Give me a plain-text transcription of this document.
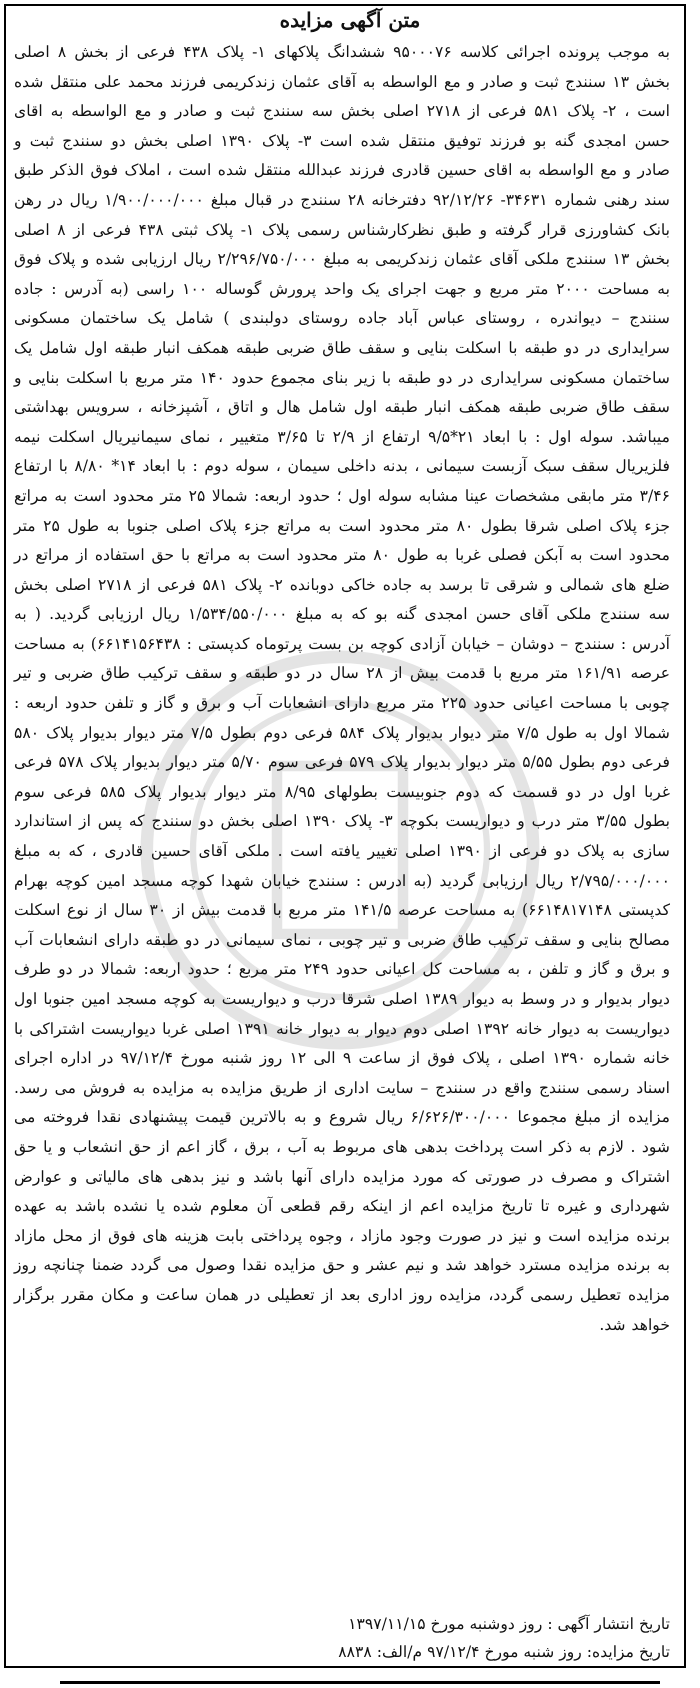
متن آگهی مزایده
به موجب پرونده اجرائی کلاسه ۹۵۰۰۰۷۶ ششدانگ پلاکهای ۱- پلاک ۴۳۸ فرعی از بخش ۸ اصلی بخش ۱۳ سنندج ثبت و صادر و مع الواسطه به آقای عثمان زندکریمی فرزند محمد علی منتقل شده است ، ۲- پلاک ۵۸۱ فرعی از ۲۷۱۸ اصلی بخش سه سنندج ثبت و صادر و مع الواسطه به اقای حسن امجدی گنه بو فرزند توفیق منتقل شده است ۳- پلاک ۱۳۹۰ اصلی بخش دو سنندج ثبت و صادر و مع الواسطه به اقای حسین قادری فرزند عبدالله منتقل شده است ، املاک فوق الذکر طبق سند رهنی شماره ۳۴۶۳۱- ۹۲/۱۲/۲۶ دفترخانه ۲۸ سنندج در قبال مبلغ ۱/۹۰۰/۰۰۰/۰۰۰ ریال در رهن بانک کشاورزی قرار گرفته و طبق نظرکارشناس رسمی پلاک ۱- پلاک ثبتی ۴۳۸ فرعی از ۸ اصلی بخش ۱۳ سنندج ملکی آقای عثمان زندکریمی به مبلغ ۲/۲۹۶/۷۵۰/۰۰۰ ریال ارزیابی شده و پلاک فوق به مساحت ۲۰۰۰ متر مربع و جهت اجرای یک واحد پرورش گوساله ۱۰۰ راسی (به آدرس : جاده سنندج – دیواندره ، روستای عباس آباد جاده روستای دولبندی ) شامل یک ساختمان مسکونی سرایداری در دو طبقه با اسکلت بنایی و سقف طاق ضربی طبقه همکف انبار طبقه اول شامل یک ساختمان مسکونی سرایداری در دو طبقه با زیر بنای مجموع حدود ۱۴۰ متر مربع با اسکلت بنایی و سقف طاق ضربی طبقه همکف انبار طبقه اول شامل هال و اتاق ، آشپزخانه ، سرویس بهداشتی میباشد. سوله اول : با ابعاد ۲۱*۹/۵ ارتفاع از ۲/۹ تا ۳/۶۵ متغییر ، نمای سیمانیریال اسکلت نیمه فلزیریال سقف سبک آزبست سیمانی ، بدنه داخلی سیمان ، سوله دوم : با ابعاد ۱۴* ۸/۸۰ با ارتفاع ۳/۴۶ متر مابقی مشخصات عینا مشابه سوله اول ؛ حدود اربعه: شمالا ۲۵ متر محدود است به مراتع جزء پلاک اصلی شرقا بطول ۸۰ متر محدود است به مراتع جزء پلاک اصلی جنوبا به طول ۲۵ متر محدود است به آبکن فصلی غربا به طول ۸۰ متر محدود است به مراتع با حق استفاده از مراتع در ضلع های شمالی و شرقی تا برسد به جاده خاکی دوبانده ۲- پلاک ۵۸۱ فرعی از ۲۷۱۸ اصلی بخش سه سنندج ملکی آقای حسن امجدی گنه بو که به مبلغ ۱/۵۳۴/۵۵۰/۰۰۰ ریال ارزیابی گردید. ( به آدرس : سنندج – دوشان – خیابان آزادی کوچه بن بست پرتوماه کدپستی : ۶۶۱۴۱۵۶۴۳۸) به مساحت عرصه ۱۶۱/۹۱ متر مربع با قدمت بیش از ۲۸ سال در دو طبقه و سقف ترکیب طاق ضربی و تیر چوبی با مساحت اعیانی حدود ۲۲۵ متر مربع دارای انشعابات آب و برق و گاز و تلفن حدود اربعه : شمالا اول به طول ۷/۵ متر دیوار بدیوار پلاک ۵۸۴ فرعی دوم بطول ۷/۵ متر دیوار بدیوار پلاک ۵۸۰ فرعی دوم بطول ۵/۵۵ متر دیوار بدیوار پلاک ۵۷۹ فرعی سوم ۵/۷۰ متر دیوار بدیوار پلاک ۵۷۸ فرعی غربا اول در دو قسمت که دوم جنوبیست بطولهای ۸/۹۵ متر دیوار بدیوار پلاک ۵۸۵ فرعی سوم بطول ۳/۵۵ متر درب و دیواریست بکوچه ۳- پلاک ۱۳۹۰ اصلی بخش دو سنندج که پس از استاندارد سازی به پلاک دو فرعی از ۱۳۹۰ اصلی تغییر یافته است . ملکی آقای حسین قادری ، که به مبلغ ۲/۷۹۵/۰۰۰/۰۰۰ ریال ارزیابی گردید (به ادرس : سنندج خیابان شهدا کوچه مسجد امین کوچه بهرام کدپستی ۶۶۱۴۸۱۷۱۴۸) به مساحت عرصه ۱۴۱/۵ متر مربع با قدمت بیش از ۳۰ سال از نوع اسکلت مصالح بنایی و سقف ترکیب طاق ضربی و تیر چوبی ، نمای سیمانی در دو طبقه دارای انشعابات آب و برق و گاز و تلفن ، به مساحت کل اعیانی حدود ۲۴۹ متر مربع ؛ حدود اربعه: شمالا در دو طرف دیوار بدیوار و در وسط به دیوار ۱۳۸۹ اصلی شرقا درب و دیواریست به کوچه مسجد امین جنوبا اول دیواریست به دیوار خانه ۱۳۹۲ اصلی دوم دیوار به دیوار خانه ۱۳۹۱ اصلی غربا دیواریست اشتراکی با خانه شماره ۱۳۹۰ اصلی ، پلاک فوق از ساعت ۹ الی ۱۲ روز شنبه مورخ ۹۷/۱۲/۴ در اداره اجرای اسناد رسمی سنندج واقع در سنندج – سایت اداری از طریق مزایده به مزایده به فروش می رسد. مزایده از مبلغ مجموعا ۶/۶۲۶/۳۰۰/۰۰۰ ریال شروع و به بالاترین قیمت پیشنهادی نقدا فروخته می شود . لازم به ذکر است پرداخت بدهی های مربوط به آب ، برق ، گاز اعم از حق انشعاب و یا حق اشتراک و مصرف در صورتی که مورد مزایده دارای آنها باشد و نیز بدهی های مالیاتی و عوارض شهرداری و غیره تا تاریخ مزایده اعم از اینکه رقم قطعی آن معلوم شده یا نشده باشد به عهده برنده مزایده است و نیز در صورت وجود مازاد ، وجوه پرداختی بابت هزینه های فوق از محل مازاد به برنده مزایده مسترد خواهد شد و نیم عشر و حق مزایده نقدا وصول می گردد ضمنا چنانچه روز مزایده تعطیل رسمی گردد، مزایده روز اداری بعد از تعطیلی در همان ساعت و مکان مقرر برگزار خواهد شد.
تاریخ انتشار آگهی : روز دوشنبه مورخ ۱۳۹۷/۱۱/۱۵
تاریخ مزایده: روز شنبه مورخ ۹۷/۱۲/۴ م/الف: ۸۸۳۸
